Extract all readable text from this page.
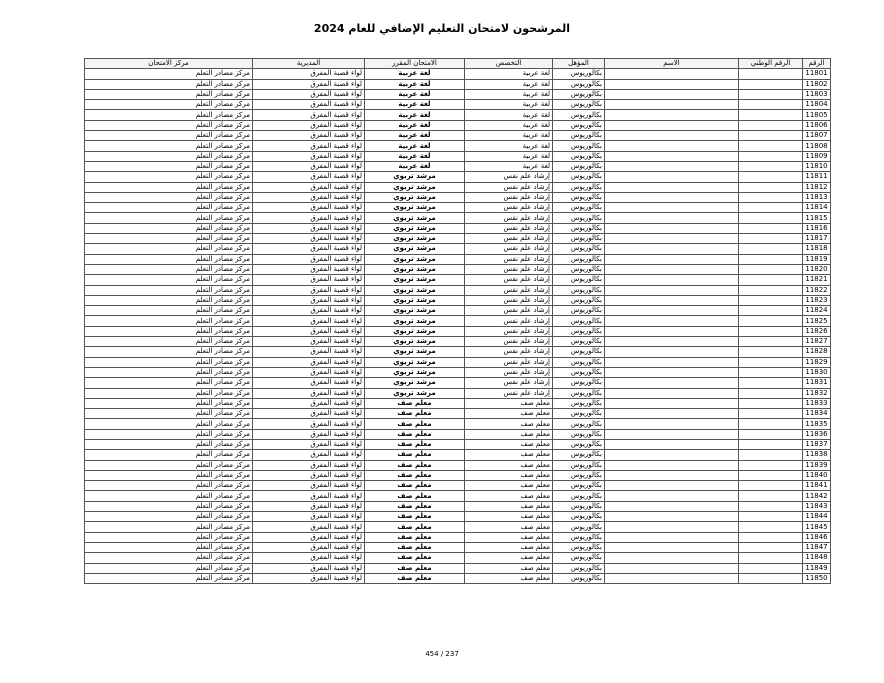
المرشحون لامتحان التعليم الإضافي للعام 2024
الرقم	الرقم الوطني	الاسم	المؤهل	التخصص	الامتحان المقرر	المديرية	مركز الامتحان
11801			بكالوريوس	لغة عربية	لغة عربية	لواء قصبة المفرق	مركز مصادر التعلم
11802			بكالوريوس	لغة عربية	لغة عربية	لواء قصبة المفرق	مركز مصادر التعلم
11803			بكالوريوس	لغة عربية	لغة عربية	لواء قصبة المفرق	مركز مصادر التعلم
11804			بكالوريوس	لغة عربية	لغة عربية	لواء قصبة المفرق	مركز مصادر التعلم
11805			بكالوريوس	لغة عربية	لغة عربية	لواء قصبة المفرق	مركز مصادر التعلم
11806			بكالوريوس	لغة عربية	لغة عربية	لواء قصبة المفرق	مركز مصادر التعلم
11807			بكالوريوس	لغة عربية	لغة عربية	لواء قصبة المفرق	مركز مصادر التعلم
11808			بكالوريوس	لغة عربية	لغة عربية	لواء قصبة المفرق	مركز مصادر التعلم
11809			بكالوريوس	لغة عربية	لغة عربية	لواء قصبة المفرق	مركز مصادر التعلم
11810			بكالوريوس	لغة عربية	لغة عربية	لواء قصبة المفرق	مركز مصادر التعلم
11811			بكالوريوس	إرشاد علم نفس	مرشد تربوي	لواء قصبة المفرق	مركز مصادر التعلم
11812			بكالوريوس	إرشاد علم نفس	مرشد تربوي	لواء قصبة المفرق	مركز مصادر التعلم
11813			بكالوريوس	إرشاد علم نفس	مرشد تربوي	لواء قصبة المفرق	مركز مصادر التعلم
11814			بكالوريوس	إرشاد علم نفس	مرشد تربوي	لواء قصبة المفرق	مركز مصادر التعلم
11815			بكالوريوس	إرشاد علم نفس	مرشد تربوي	لواء قصبة المفرق	مركز مصادر التعلم
11816			بكالوريوس	إرشاد علم نفس	مرشد تربوي	لواء قصبة المفرق	مركز مصادر التعلم
11817			بكالوريوس	إرشاد علم نفس	مرشد تربوي	لواء قصبة المفرق	مركز مصادر التعلم
11818			بكالوريوس	إرشاد علم نفس	مرشد تربوي	لواء قصبة المفرق	مركز مصادر التعلم
11819			بكالوريوس	إرشاد علم نفس	مرشد تربوي	لواء قصبة المفرق	مركز مصادر التعلم
11820			بكالوريوس	إرشاد علم نفس	مرشد تربوي	لواء قصبة المفرق	مركز مصادر التعلم
11821			بكالوريوس	إرشاد علم نفس	مرشد تربوي	لواء قصبة المفرق	مركز مصادر التعلم
11822			بكالوريوس	إرشاد علم نفس	مرشد تربوي	لواء قصبة المفرق	مركز مصادر التعلم
11823			بكالوريوس	إرشاد علم نفس	مرشد تربوي	لواء قصبة المفرق	مركز مصادر التعلم
11824			بكالوريوس	إرشاد علم نفس	مرشد تربوي	لواء قصبة المفرق	مركز مصادر التعلم
11825			بكالوريوس	إرشاد علم نفس	مرشد تربوي	لواء قصبة المفرق	مركز مصادر التعلم
11826			بكالوريوس	إرشاد علم نفس	مرشد تربوي	لواء قصبة المفرق	مركز مصادر التعلم
11827			بكالوريوس	إرشاد علم نفس	مرشد تربوي	لواء قصبة المفرق	مركز مصادر التعلم
11828			بكالوريوس	إرشاد علم نفس	مرشد تربوي	لواء قصبة المفرق	مركز مصادر التعلم
11829			بكالوريوس	إرشاد علم نفس	مرشد تربوي	لواء قصبة المفرق	مركز مصادر التعلم
11830			بكالوريوس	إرشاد علم نفس	مرشد تربوي	لواء قصبة المفرق	مركز مصادر التعلم
11831			بكالوريوس	إرشاد علم نفس	مرشد تربوي	لواء قصبة المفرق	مركز مصادر التعلم
11832			بكالوريوس	إرشاد علم نفس	مرشد تربوي	لواء قصبة المفرق	مركز مصادر التعلم
11833			بكالوريوس	معلم صف	معلم صف	لواء قصبة المفرق	مركز مصادر التعلم
11834			بكالوريوس	معلم صف	معلم صف	لواء قصبة المفرق	مركز مصادر التعلم
11835			بكالوريوس	معلم صف	معلم صف	لواء قصبة المفرق	مركز مصادر التعلم
11836			بكالوريوس	معلم صف	معلم صف	لواء قصبة المفرق	مركز مصادر التعلم
11837			بكالوريوس	معلم صف	معلم صف	لواء قصبة المفرق	مركز مصادر التعلم
11838			بكالوريوس	معلم صف	معلم صف	لواء قصبة المفرق	مركز مصادر التعلم
11839			بكالوريوس	معلم صف	معلم صف	لواء قصبة المفرق	مركز مصادر التعلم
11840			بكالوريوس	معلم صف	معلم صف	لواء قصبة المفرق	مركز مصادر التعلم
11841			بكالوريوس	معلم صف	معلم صف	لواء قصبة المفرق	مركز مصادر التعلم
11842			بكالوريوس	معلم صف	معلم صف	لواء قصبة المفرق	مركز مصادر التعلم
11843			بكالوريوس	معلم صف	معلم صف	لواء قصبة المفرق	مركز مصادر التعلم
11844			بكالوريوس	معلم صف	معلم صف	لواء قصبة المفرق	مركز مصادر التعلم
11845			بكالوريوس	معلم صف	معلم صف	لواء قصبة المفرق	مركز مصادر التعلم
11846			بكالوريوس	معلم صف	معلم صف	لواء قصبة المفرق	مركز مصادر التعلم
11847			بكالوريوس	معلم صف	معلم صف	لواء قصبة المفرق	مركز مصادر التعلم
11848			بكالوريوس	معلم صف	معلم صف	لواء قصبة المفرق	مركز مصادر التعلم
11849			بكالوريوس	معلم صف	معلم صف	لواء قصبة المفرق	مركز مصادر التعلم
11850			بكالوريوس	معلم صف	معلم صف	لواء قصبة المفرق	مركز مصادر التعلم
237 / 454
